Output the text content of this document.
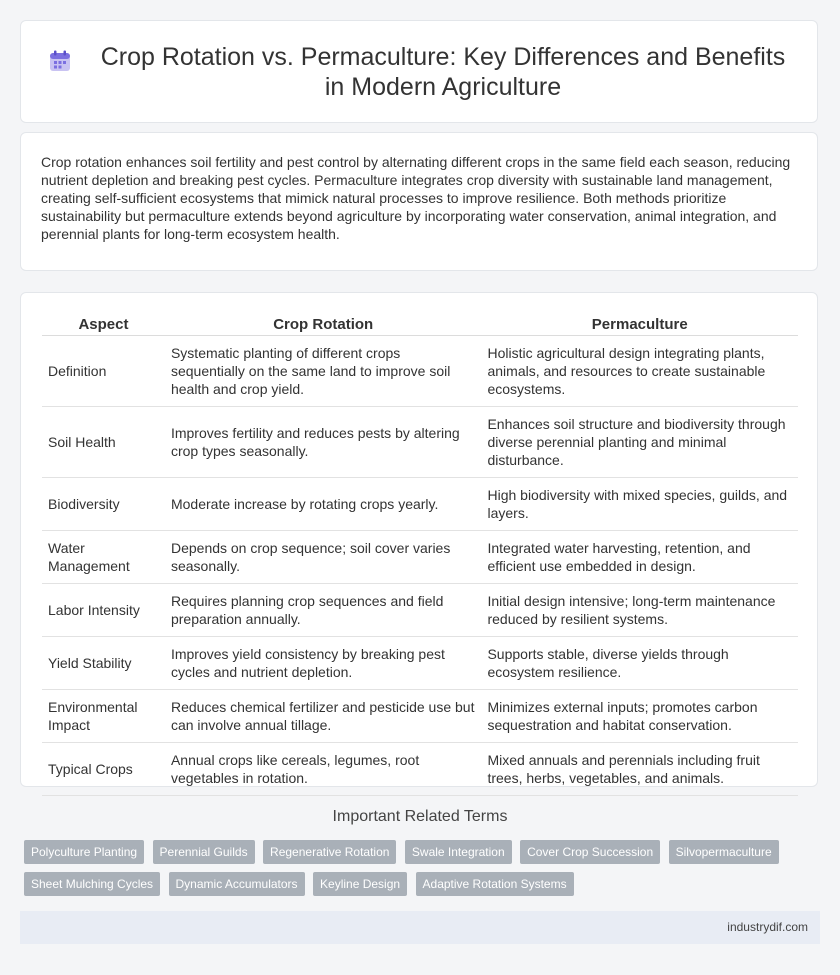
Crop Rotation vs. Permaculture: Key Differences and Benefits in Modern Agriculture

Crop rotation enhances soil fertility and pest control by alternating different crops in the same field each season, reducing nutrient depletion and breaking pest cycles. Permaculture integrates crop diversity with sustainable land management, creating self-sufficient ecosystems that mimick natural processes to improve resilience. Both methods prioritize sustainability but permaculture extends beyond agriculture by incorporating water conservation, animal integration, and perennial plants for long-term ecosystem health.

Aspect	Crop Rotation	Permaculture
Definition	Systematic planting of different crops sequentially on the same land to improve soil health and crop yield.	Holistic agricultural design integrating plants, animals, and resources to create sustainable ecosystems.
Soil Health	Improves fertility and reduces pests by altering crop types seasonally.	Enhances soil structure and biodiversity through diverse perennial planting and minimal disturbance.
Biodiversity	Moderate increase by rotating crops yearly.	High biodiversity with mixed species, guilds, and layers.
Water Management	Depends on crop sequence; soil cover varies seasonally.	Integrated water harvesting, retention, and efficient use embedded in design.
Labor Intensity	Requires planning crop sequences and field preparation annually.	Initial design intensive; long-term maintenance reduced by resilient systems.
Yield Stability	Improves yield consistency by breaking pest cycles and nutrient depletion.	Supports stable, diverse yields through ecosystem resilience.
Environmental Impact	Reduces chemical fertilizer and pesticide use but can involve annual tillage.	Minimizes external inputs; promotes carbon sequestration and habitat conservation.
Typical Crops	Annual crops like cereals, legumes, root vegetables in rotation.	Mixed annuals and perennials including fruit trees, herbs, vegetables, and animals.
Important Related Terms
Polyculture Planting Perennial Guilds Regenerative Rotation Swale Integration Cover Crop Succession Silvopermaculture
Sheet Mulching Cycles Dynamic Accumulators Keyline Design Adaptive Rotation Systems
industrydif.com
